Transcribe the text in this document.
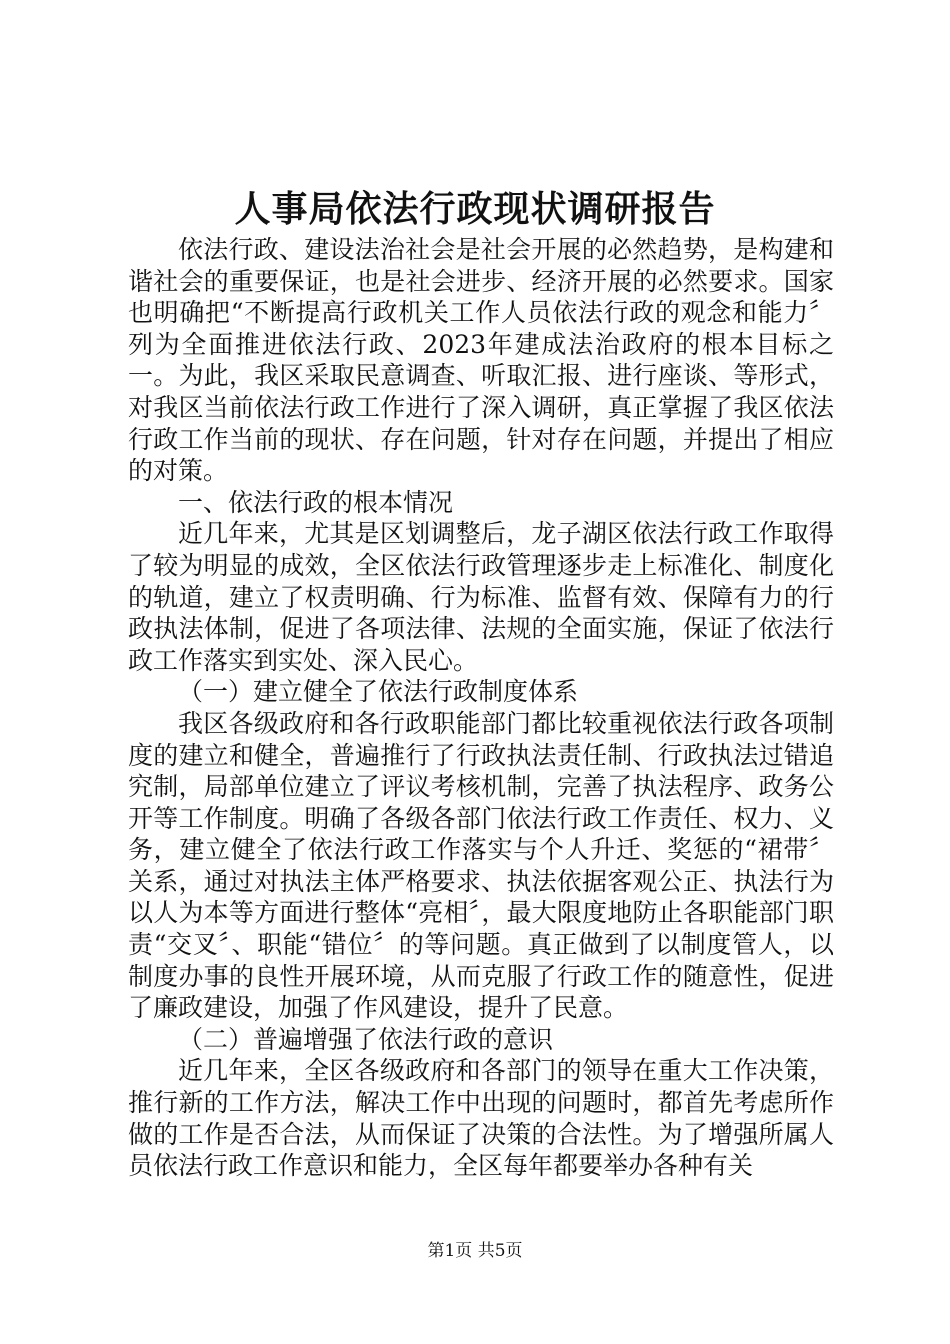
人事局依法行政现状调研报告

依法行政、建设法治社会是社会开展的必然趋势，是构建和谐社会的重要保证，也是社会进步、经济开展的必然要求。国家也明确把“不断提高行政机关工作人员依法行政的观念和能力〞列为全面推进依法行政、2023年建成法治政府的根本目标之一。为此，我区采取民意调查、听取汇报、进行座谈、等形式，对我区当前依法行政工作进行了深入调研，真正掌握了我区依法行政工作当前的现状、存在问题，针对存在问题，并提出了相应的对策。

一、依法行政的根本情况

近几年来，尤其是区划调整后，龙子湖区依法行政工作取得了较为明显的成效，全区依法行政管理逐步走上标准化、制度化的轨道，建立了权责明确、行为标准、监督有效、保障有力的行政执法体制，促进了各项法律、法规的全面实施，保证了依法行政工作落实到实处、深入民心。

（一）建立健全了依法行政制度体系

我区各级政府和各行政职能部门都比较重视依法行政各项制度的建立和健全，普遍推行了行政执法责任制、行政执法过错追究制，局部单位建立了评议考核机制，完善了执法程序、政务公开等工作制度。明确了各级各部门依法行政工作责任、权力、义务，建立健全了依法行政工作落实与个人升迁、奖惩的“裙带〞关系，通过对执法主体严格要求、执法依据客观公正、执法行为以人为本等方面进行整体“亮相〞，最大限度地防止各职能部门职责“交叉〞、职能“错位〞的等问题。真正做到了以制度管人，以制度办事的良性开展环境，从而克服了行政工作的随意性，促进了廉政建设，加强了作风建设，提升了民意。

（二）普遍增强了依法行政的意识

近几年来，全区各级政府和各部门的领导在重大工作决策，推行新的工作方法，解决工作中出现的问题时，都首先考虑所作做的工作是否合法，从而保证了决策的合法性。为了增强所属人员依法行政工作意识和能力，全区每年都要举办各种有关

第1页 共5页
